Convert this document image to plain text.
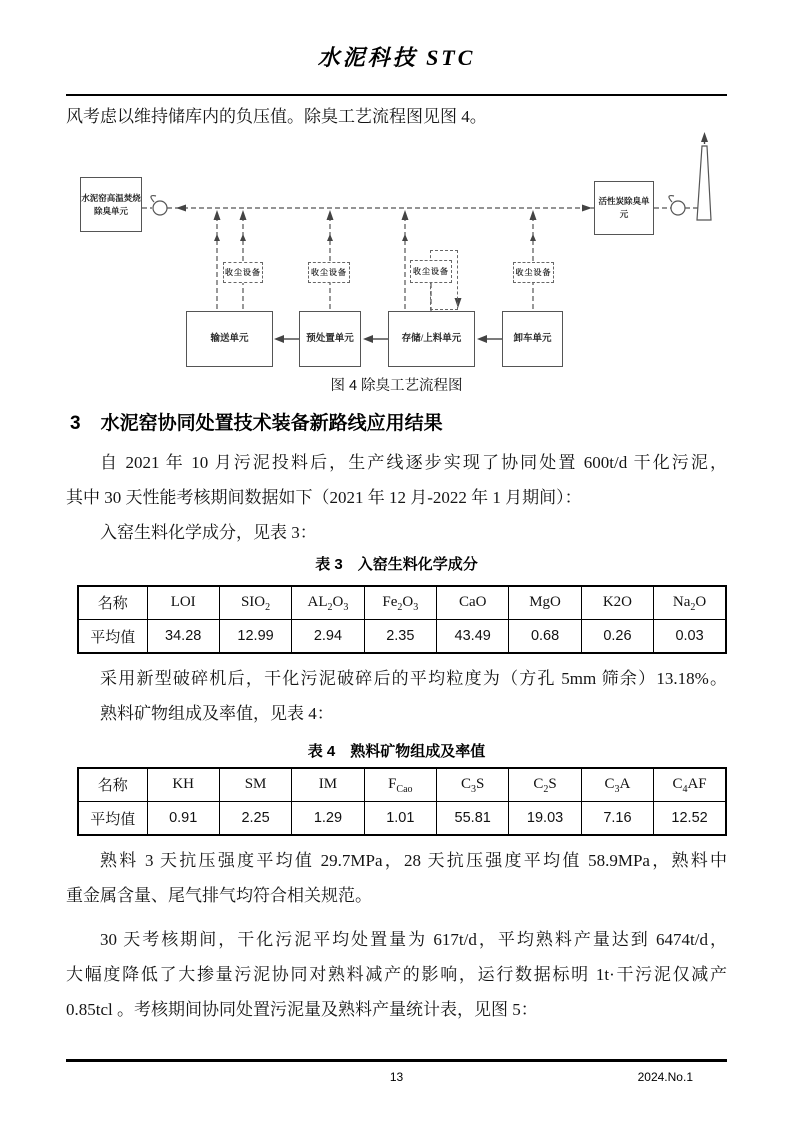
水泥科技 STC
风考虑以维持储库内的负压值。除臭工艺流程图见图 4。
水泥窑高温焚烧
除臭单元
活性炭除臭单元
收尘设备	收尘设备	收尘设备	收尘设备
输送单元	预处置单元	存储/上料单元	卸车单元
图 4 除臭工艺流程图
3 水泥窑协同处置技术装备新路线应用结果
自 2021 年 10 月污泥投料后，生产线逐步实现了协同处置 600t/d 干化污泥，
其中 30 天性能考核期间数据如下（2021 年 12 月-2022 年 1 月期间）：
入窑生料化学成分，见表 3：
表 3　入窑生料化学成分
名称	LOI	$SIO_2$	$AL_2O_3$	$Fe_2O_3$	CaO	MgO	K2O	$Na_2O$
平均值	34.28	12.99	2.94	2.35	43.49	0.68	0.26	0.03
采用新型破碎机后，干化污泥破碎后的平均粒度为（方孔 5mm 筛余）13.18%。
熟料矿物组成及率值，见表 4：
表 4　熟料矿物组成及率值
名称	KH	SM	IM	$F_{Cao}$	$C_3S$	$C_2S$	$C_3A$	$C_4AF$
平均值	0.91	2.25	1.29	1.01	55.81	19.03	7.16	12.52
熟料 3 天抗压强度平均值 29.7MPa，28 天抗压强度平均值 58.9MPa，熟料中
重金属含量、尾气排气均符合相关规范。
30 天考核期间，干化污泥平均处置量为 617t/d，平均熟料产量达到 6474t/d，
大幅度降低了大掺量污泥协同对熟料减产的影响，运行数据标明 1t·干污泥仅减产
0.85tcl 。考核期间协同处置污泥量及熟料产量统计表，见图 5：
13	2024.No.1
